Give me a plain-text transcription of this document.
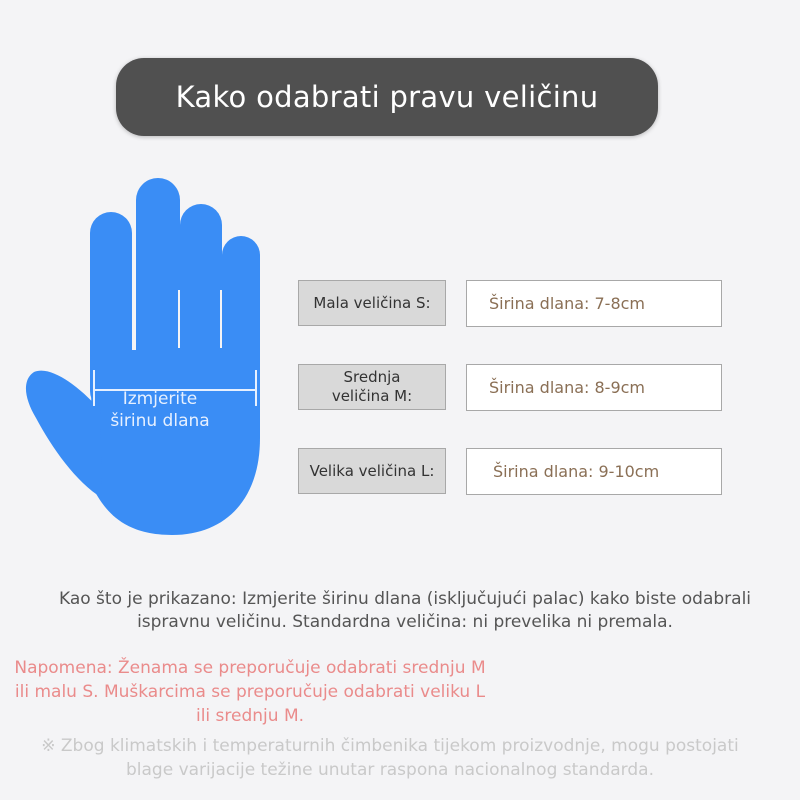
Kako odabrati pravu veličinu
Izmjerite
širinu dlana
Mala veličina S:	Širina dlana: 7-8cm
Srednja
veličina M:	Širina dlana: 8-9cm
Velika veličina L:	Širina dlana: 9-10cm
Kao što je prikazano: Izmjerite širinu dlana (isključujući palac) kako biste odabrali ispravnu veličinu. Standardna veličina: ni prevelika ni premala.
Napomena: Ženama se preporučuje odabrati srednju M ili malu S. Muškarcima se preporučuje odabrati veliku L ili srednju M.
※ Zbog klimatskih i temperaturnih čimbenika tijekom proizvodnje, mogu postojati blage varijacije težine unutar raspona nacionalnog standarda.
